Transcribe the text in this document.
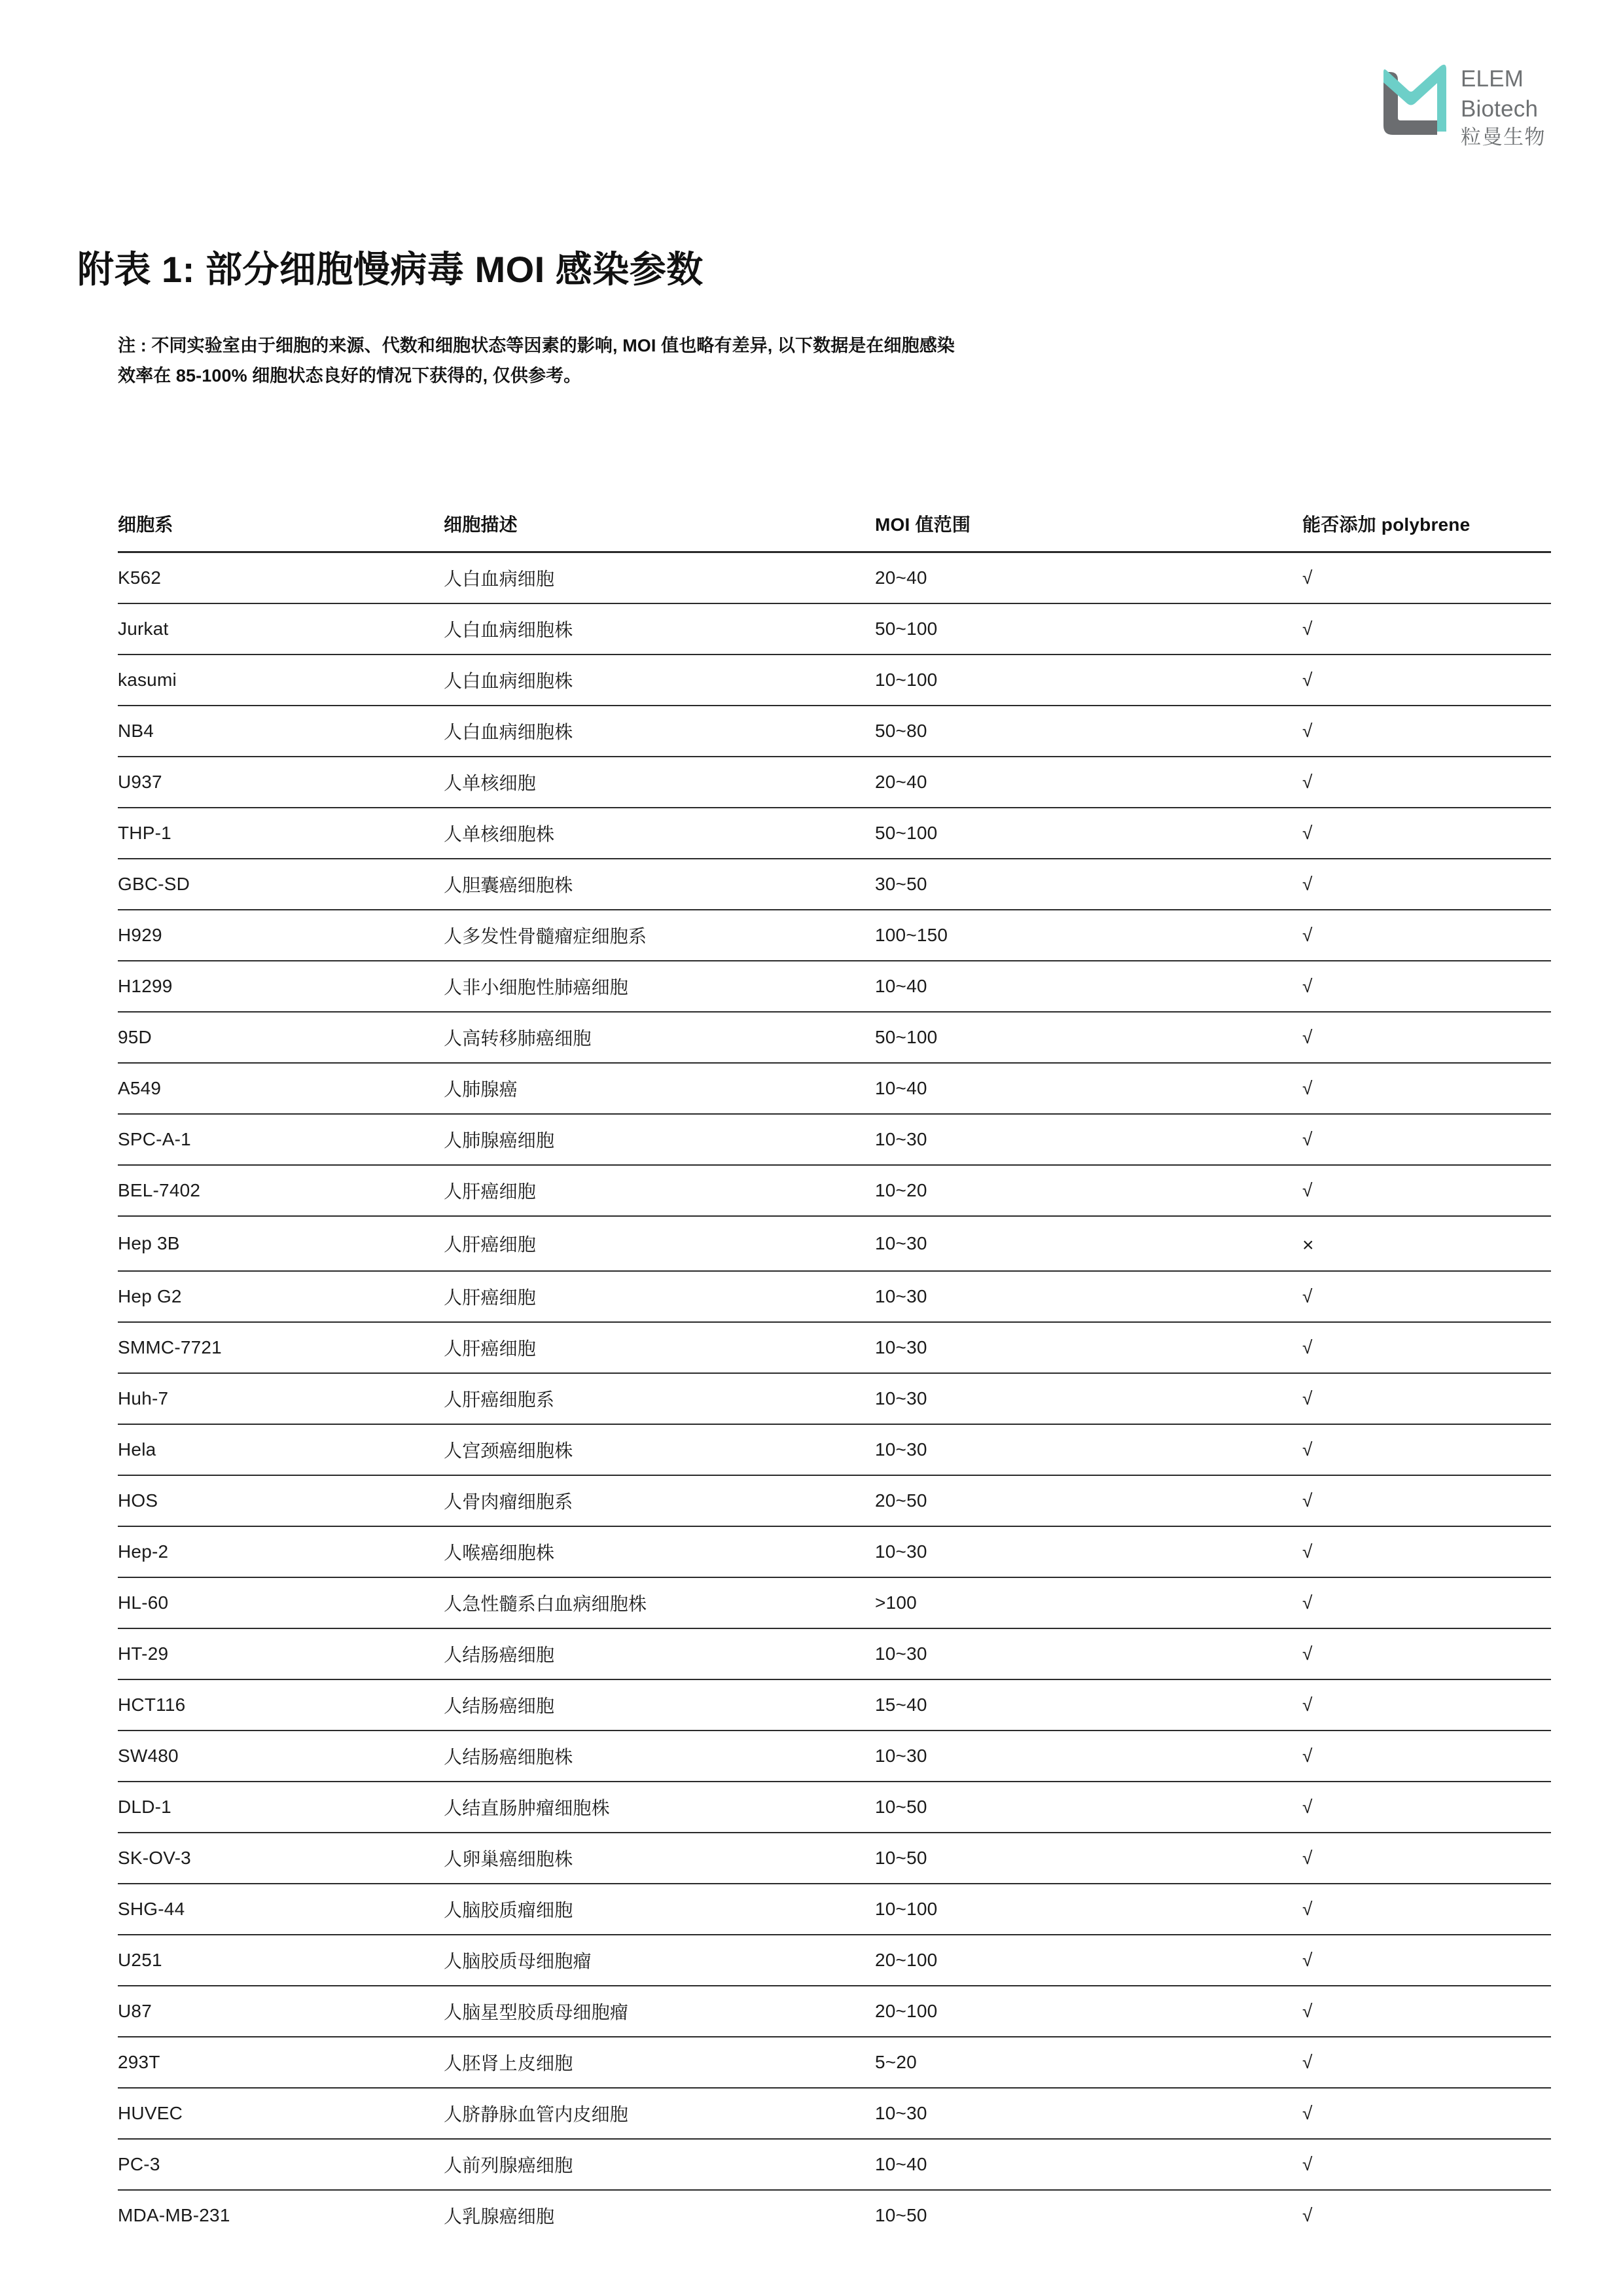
ELEM
Biotech
粒曼生物
附表 1: 部分细胞慢病毒 MOI 感染参数
注 : 不同实验室由于细胞的来源、代数和细胞状态等因素的影响, MOI 值也略有差异, 以下数据是在细胞感染
效率在 85-100% 细胞状态良好的情况下获得的, 仅供参考。
细胞系	细胞描述	MOI 值范围	能否添加 polybrene
K562	人白血病细胞	20~40	√
Jurkat	人白血病细胞株	50~100	√
kasumi	人白血病细胞株	10~100	√
NB4	人白血病细胞株	50~80	√
U937	人单核细胞	20~40	√
THP-1	人单核细胞株	50~100	√
GBC-SD	人胆囊癌细胞株	30~50	√
H929	人多发性骨髓瘤症细胞系	100~150	√
H1299	人非小细胞性肺癌细胞	10~40	√
95D	人高转移肺癌细胞	50~100	√
A549	人肺腺癌	10~40	√
SPC-A-1	人肺腺癌细胞	10~30	√
BEL-7402	人肝癌细胞	10~20	√
Hep 3B	人肝癌细胞	10~30	×
Hep G2	人肝癌细胞	10~30	√
SMMC-7721	人肝癌细胞	10~30	√
Huh-7	人肝癌细胞系	10~30	√
Hela	人宫颈癌细胞株	10~30	√
HOS	人骨肉瘤细胞系	20~50	√
Hep-2	人喉癌细胞株	10~30	√
HL-60	人急性髓系白血病细胞株	>100	√
HT-29	人结肠癌细胞	10~30	√
HCT116	人结肠癌细胞	15~40	√
SW480	人结肠癌细胞株	10~30	√
DLD-1	人结直肠肿瘤细胞株	10~50	√
SK-OV-3	人卵巢癌细胞株	10~50	√
SHG-44	人脑胶质瘤细胞	10~100	√
U251	人脑胶质母细胞瘤	20~100	√
U87	人脑星型胶质母细胞瘤	20~100	√
293T	人胚肾上皮细胞	5~20	√
HUVEC	人脐静脉血管内皮细胞	10~30	√
PC-3	人前列腺癌细胞	10~40	√
MDA-MB-231	人乳腺癌细胞	10~50	√
